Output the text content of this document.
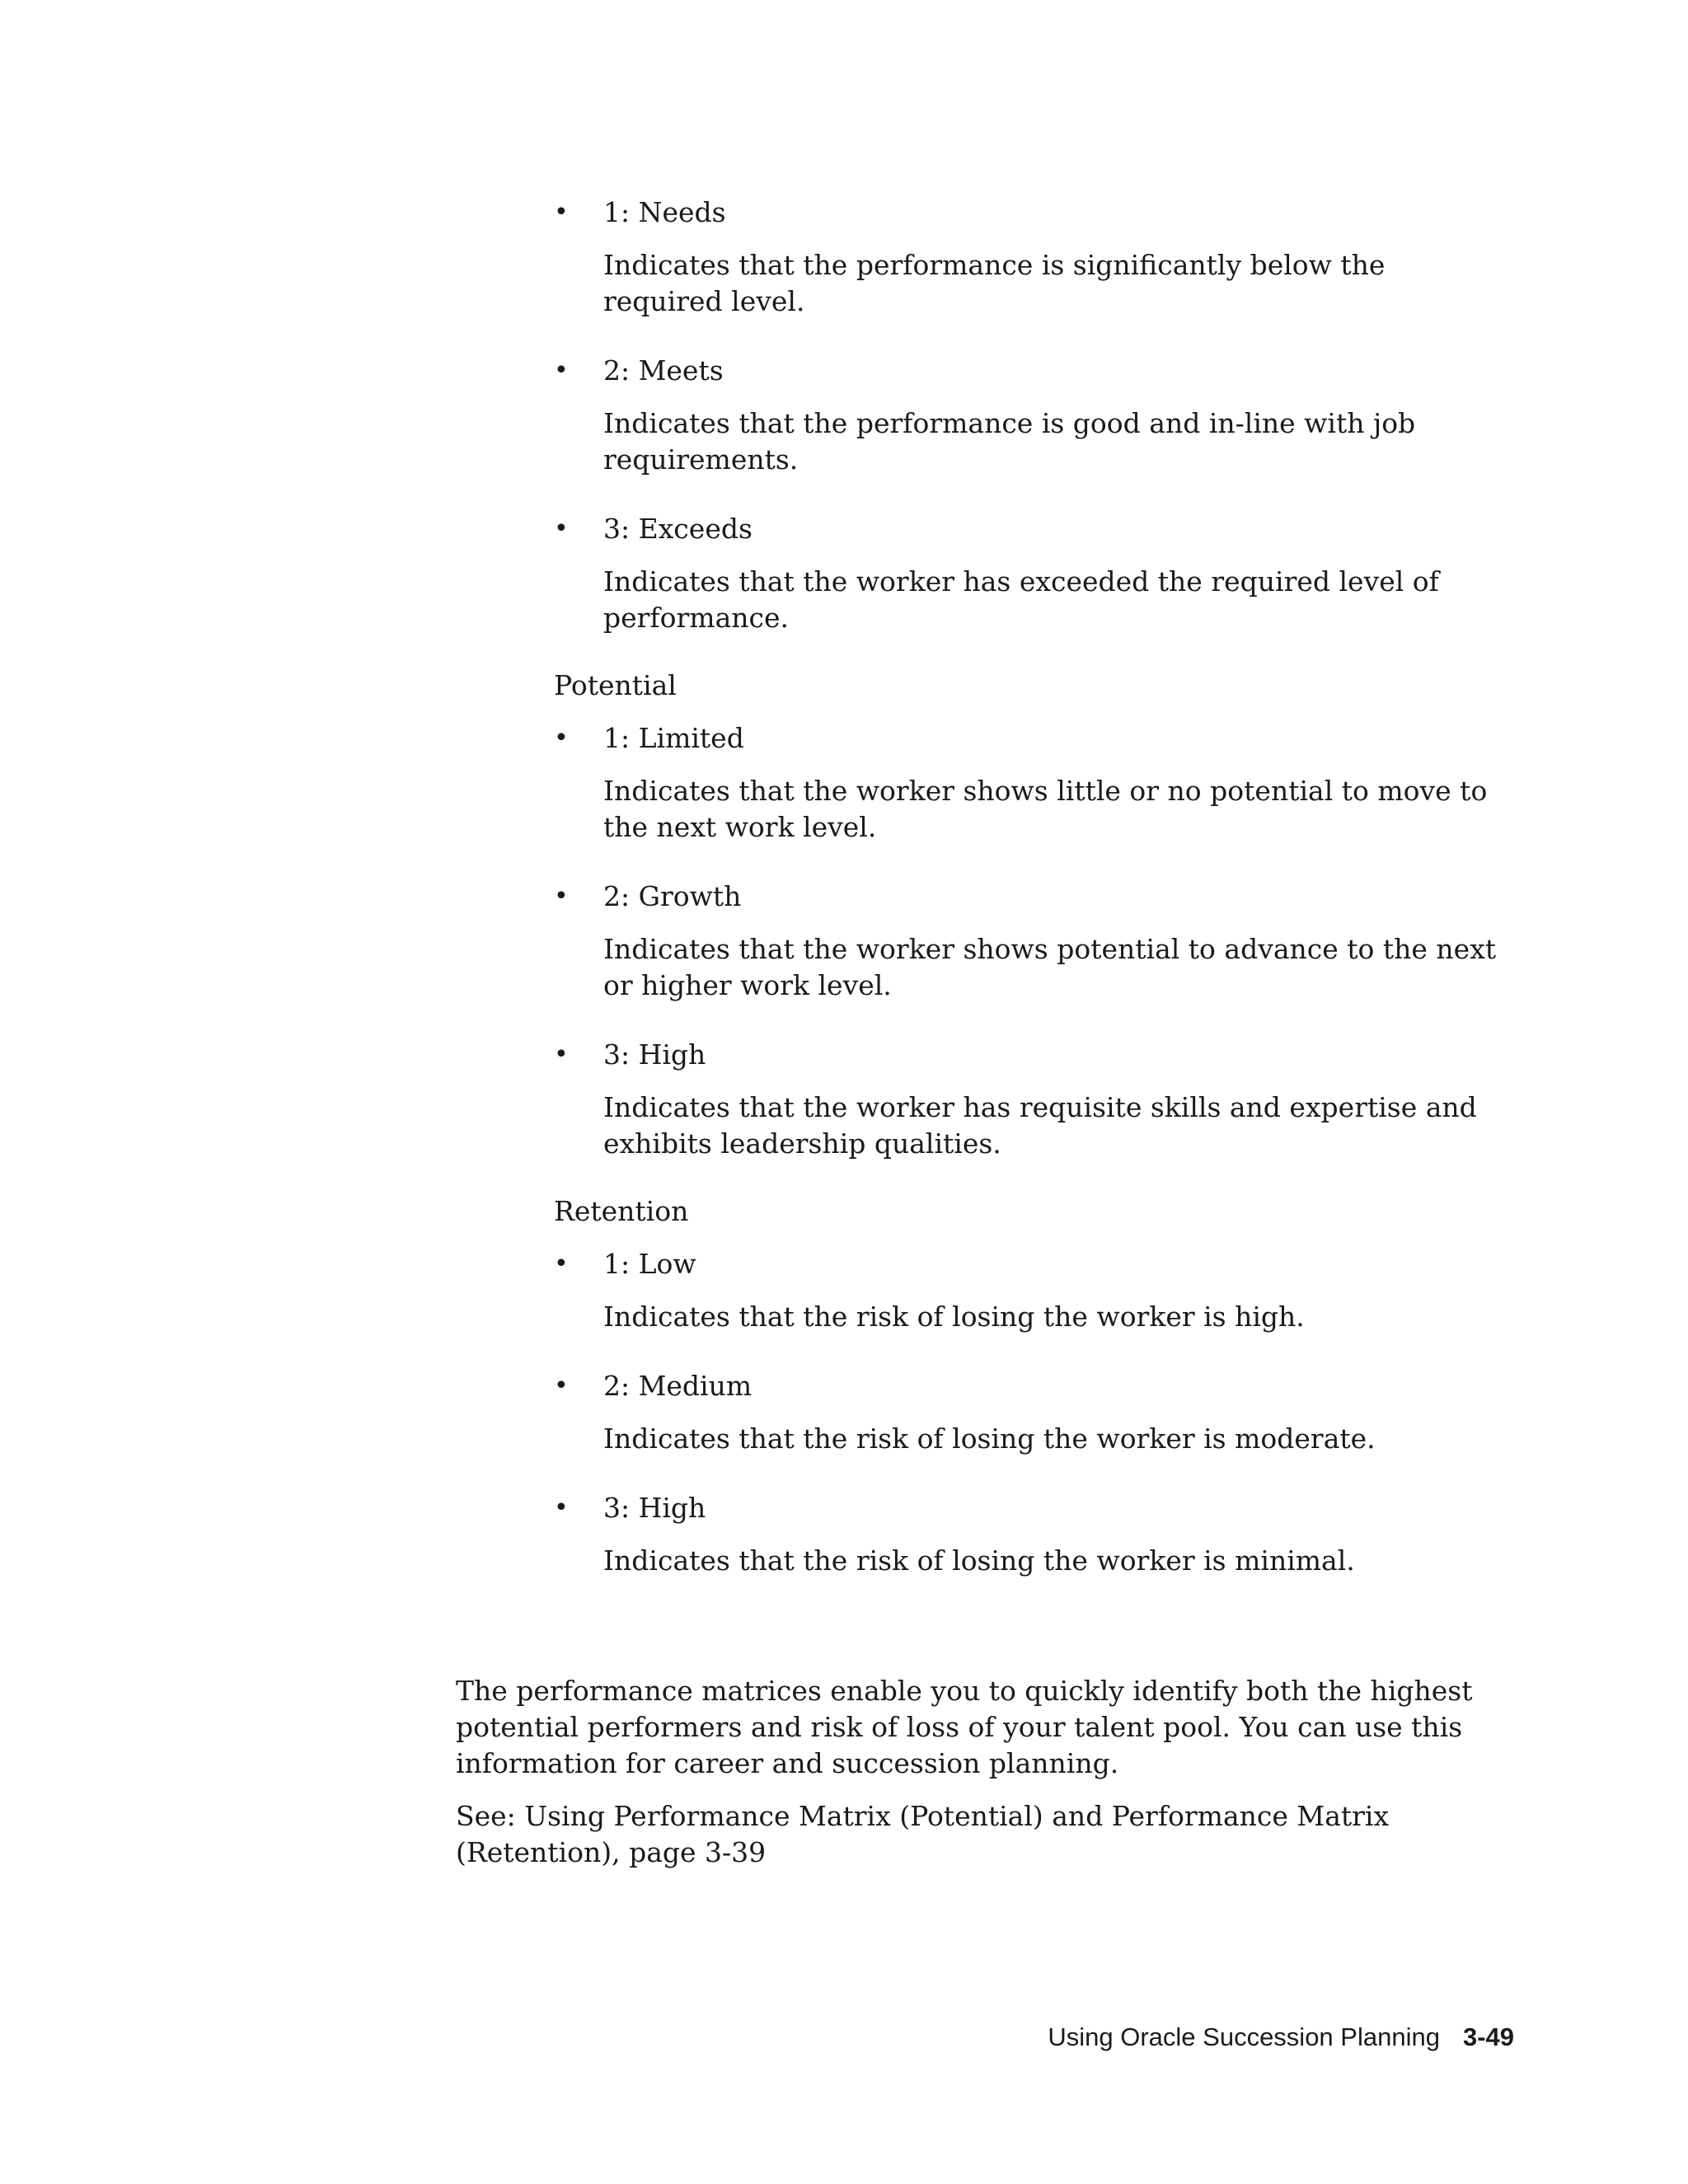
• 1: Needs
Indicates that the performance is significantly below the required level.
• 2: Meets
Indicates that the performance is good and in-line with job requirements.
• 3: Exceeds
Indicates that the worker has exceeded the required level of performance.
Potential
• 1: Limited
Indicates that the worker shows little or no potential to move to the next work level.
• 2: Growth
Indicates that the worker shows potential to advance to the next or higher work level.
• 3: High
Indicates that the worker has requisite skills and expertise and exhibits leadership qualities.
Retention
• 1: Low
Indicates that the risk of losing the worker is high.
• 2: Medium
Indicates that the risk of losing the worker is moderate.
• 3: High
Indicates that the risk of losing the worker is minimal.

The performance matrices enable you to quickly identify both the highest potential performers and risk of loss of your talent pool. You can use this information for career and succession planning.

See: Using Performance Matrix (Potential) and Performance Matrix (Retention), page 3-39

Using Oracle Succession Planning 3-49
